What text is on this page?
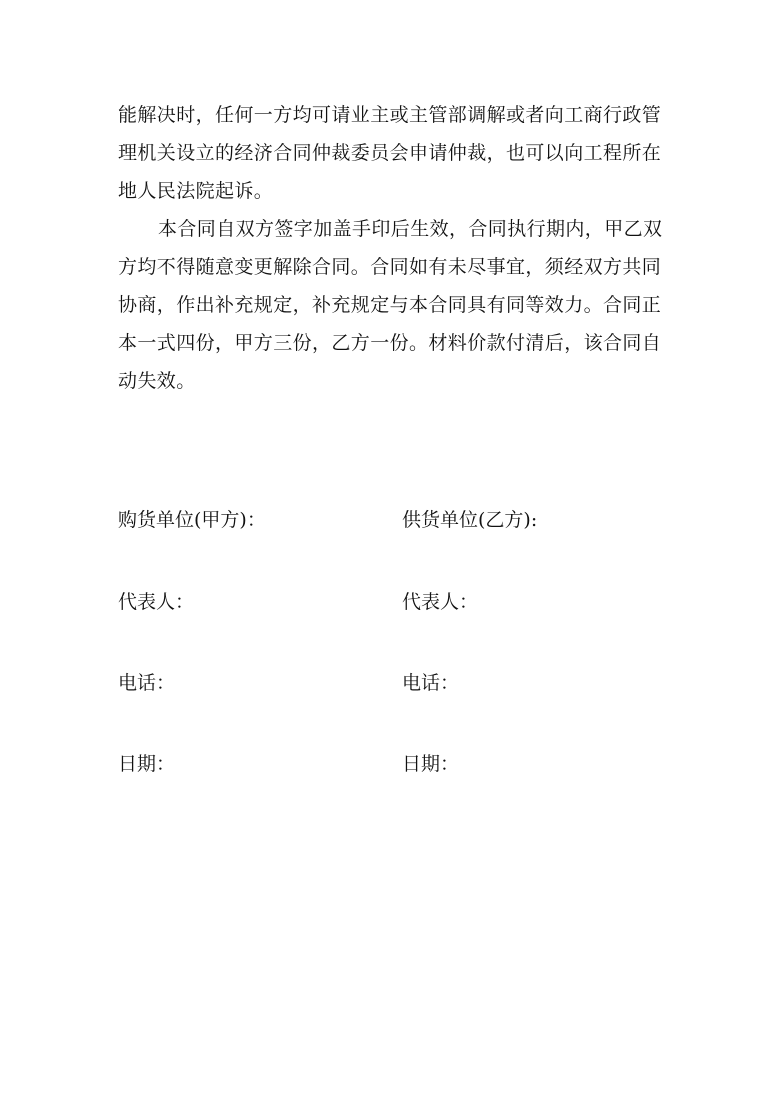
能解决时，任何一方均可请业主或主管部调解或者向工商行政管
理机关设立的经济合同仲裁委员会申请仲裁，也可以向工程所在
地人民法院起诉。
本合同自双方签字加盖手印后生效，合同执行期内，甲乙双
方均不得随意变更解除合同。合同如有未尽事宜，须经双方共同
协商，作出补充规定，补充规定与本合同具有同等效力。合同正
本一式四份，甲方三份，乙方一份。材料价款付清后，该合同自
动失效。
购货单位(甲方)：	供货单位(乙方):
代表人：	代表人：
电话：	电话：
日期：	日期：
